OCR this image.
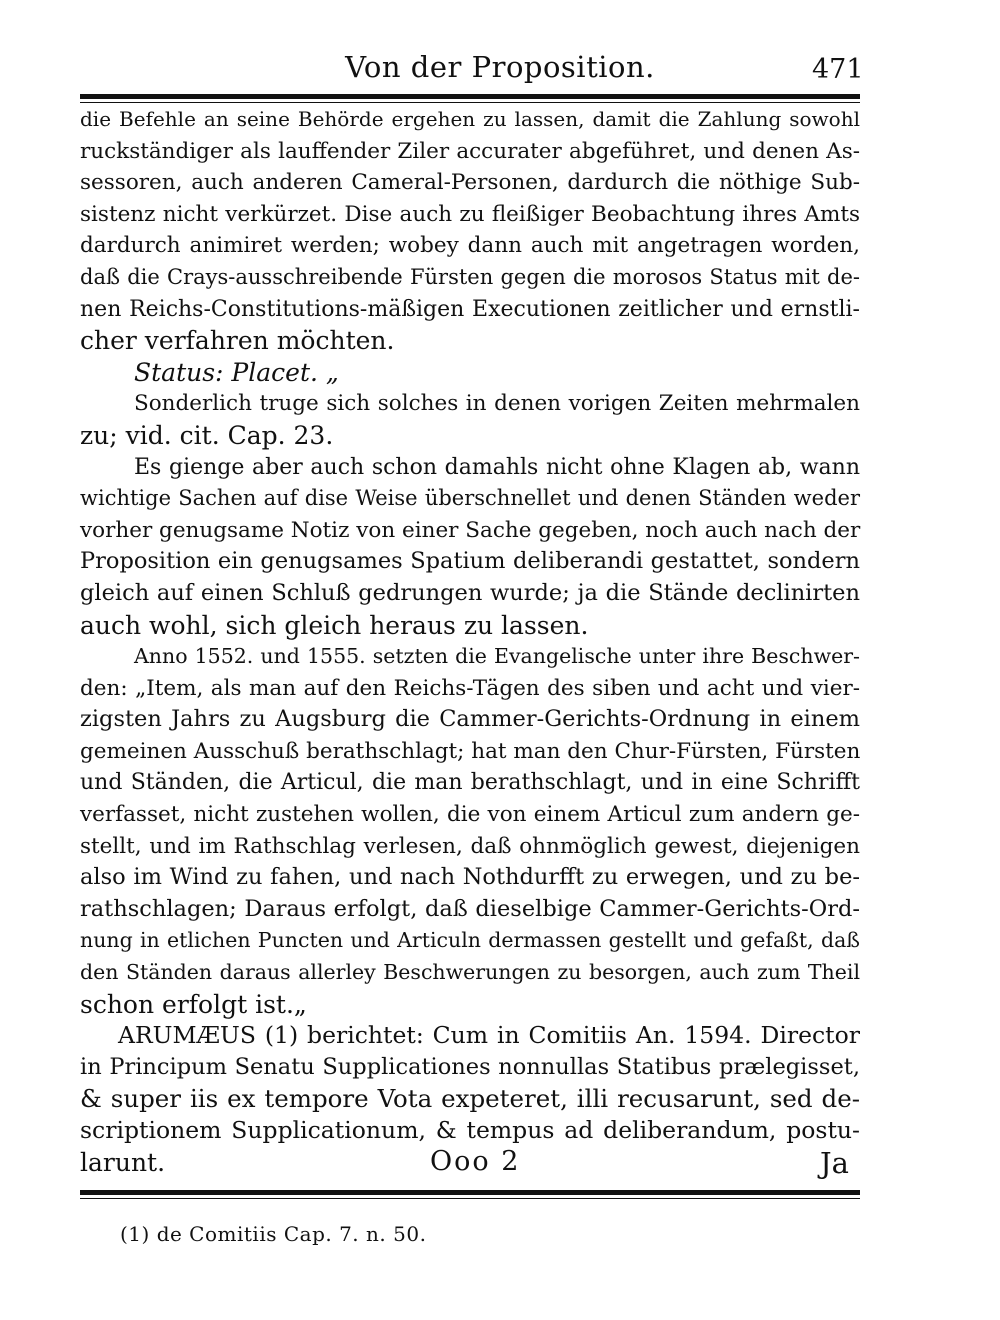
Von der Proposition.	471
die Befehle an seine Behörde ergehen zu lassen, damit die Zahlung sowohl
ruckständiger als lauffender Ziler accurater abgeführet, und denen As-
sessoren, auch anderen Cameral-Personen, dardurch die nöthige Sub-
sistenz nicht verkürzet. Dise auch zu fleißiger Beobachtung ihres Amts
dardurch animiret werden; wobey dann auch mit angetragen worden,
daß die Crays-ausschreibende Fürsten gegen die morosos Status mit de-
nen Reichs-Constitutions-mäßigen Executionen zeitlicher und ernstli-
cher verfahren möchten.
Status: Placet. „
Sonderlich truge sich solches in denen vorigen Zeiten mehrmalen
zu; vid. cit. Cap. 23.
Es gienge aber auch schon damahls nicht ohne Klagen ab, wann
wichtige Sachen auf dise Weise überschnellet und denen Ständen weder
vorher genugsame Notiz von einer Sache gegeben, noch auch nach der
Proposition ein genugsames Spatium deliberandi gestattet, sondern
gleich auf einen Schluß gedrungen wurde; ja die Stände declinirten
auch wohl, sich gleich heraus zu lassen.
Anno 1552. und 1555. setzten die Evangelische unter ihre Beschwer-
den: „Item, als man auf den Reichs-Tägen des siben und acht und vier-
zigsten Jahrs zu Augsburg die Cammer-Gerichts-Ordnung in einem
gemeinen Ausschuß berathschlagt; hat man den Chur-Fürsten, Fürsten
und Ständen, die Articul, die man berathschlagt, und in eine Schrifft
verfasset, nicht zustehen wollen, die von einem Articul zum andern ge-
stellt, und im Rathschlag verlesen, daß ohnmöglich gewest, diejenigen
also im Wind zu fahen, und nach Nothdurfft zu erwegen, und zu be-
rathschlagen; Daraus erfolgt, daß dieselbige Cammer-Gerichts-Ord-
nung in etlichen Puncten und Articuln dermassen gestellt und gefaßt, daß
den Ständen daraus allerley Beschwerungen zu besorgen, auch zum Theil
schon erfolgt ist.„
ARUMÆUS (1) berichtet: Cum in Comitiis An. 1594. Director
in Principum Senatu Supplicationes nonnullas Statibus prælegisset,
& super iis ex tempore Vota expeteret, illi recusarunt, sed de-
scriptionem Supplicationum, & tempus ad deliberandum, postu-
larunt.	Ooo 2	Ja
(1) de Comitiis Cap. 7. n. 50.
